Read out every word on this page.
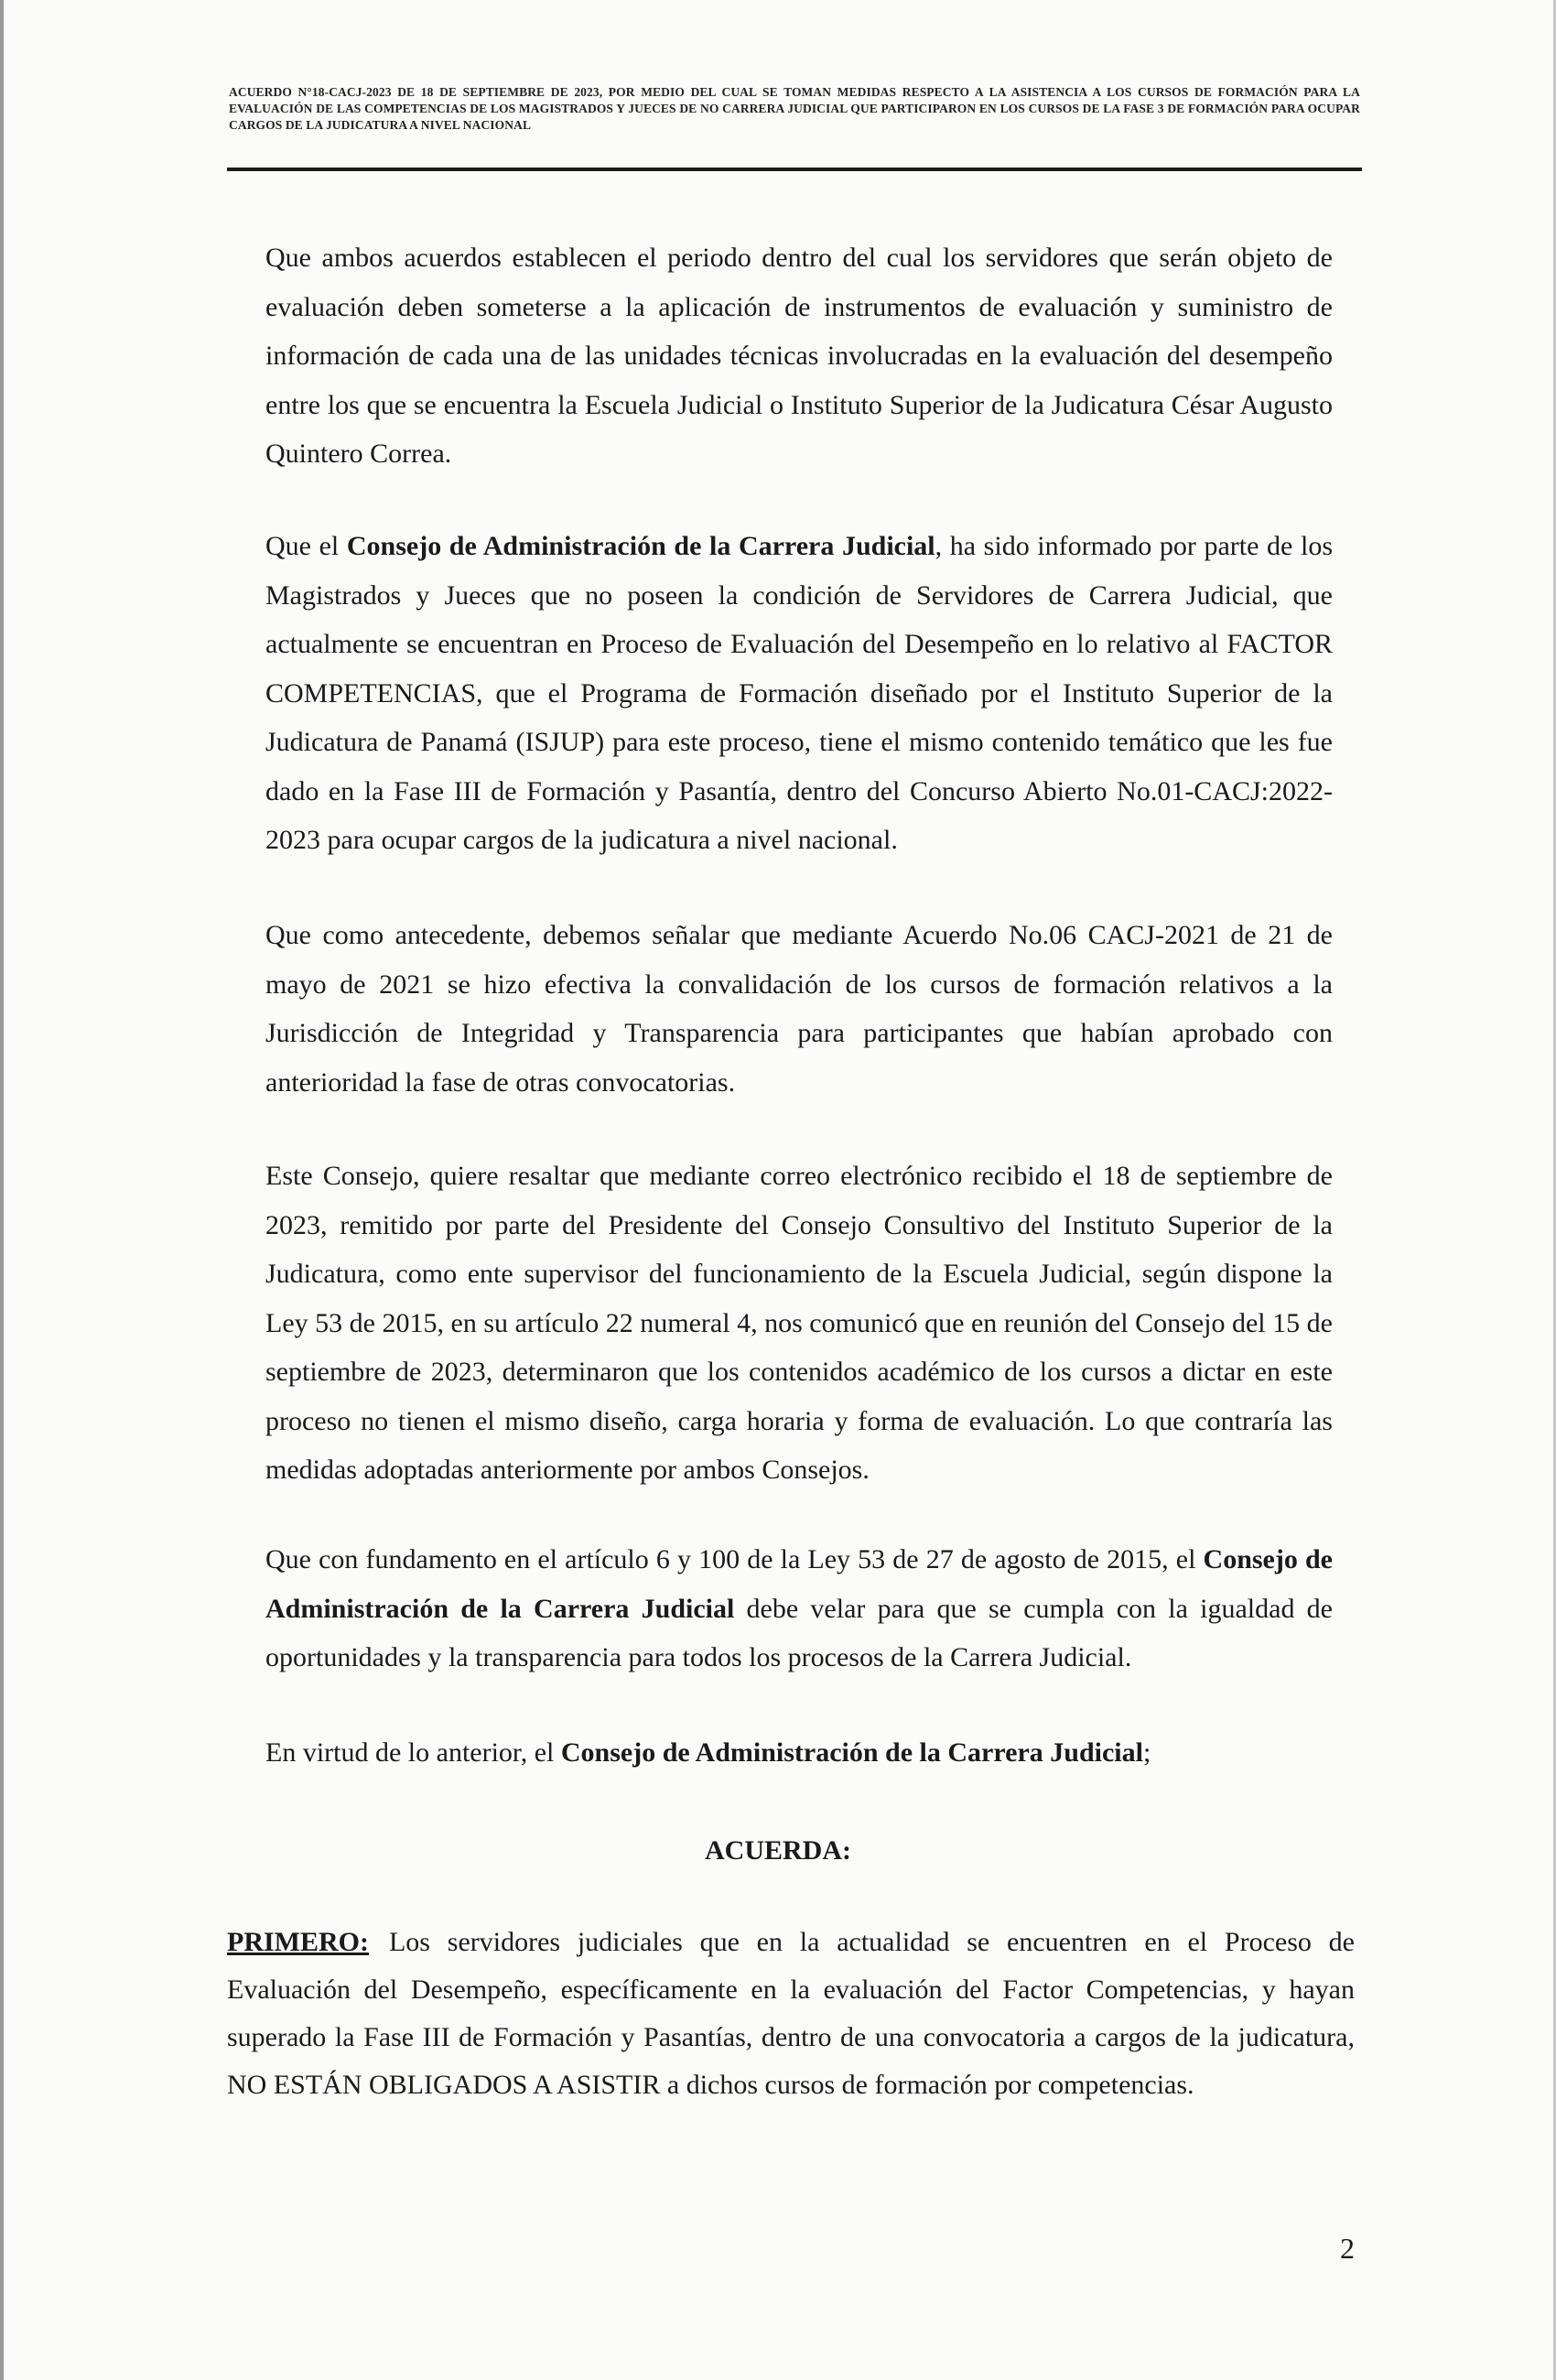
ACUERDO N°18-CACJ-2023 DE 18 DE SEPTIEMBRE DE 2023, POR MEDIO DEL CUAL SE TOMAN MEDIDAS RESPECTO A LA ASISTENCIA A LOS CURSOS DE FORMACIÓN PARA LA EVALUACIÓN DE LAS COMPETENCIAS DE LOS MAGISTRADOS Y JUECES DE NO CARRERA JUDICIAL QUE PARTICIPARON EN LOS CURSOS DE LA FASE 3 DE FORMACIÓN PARA OCUPAR CARGOS DE LA JUDICATURA A NIVEL NACIONAL
Que ambos acuerdos establecen el periodo dentro del cual los servidores que serán objeto de evaluación deben someterse a la aplicación de instrumentos de evaluación y suministro de información de cada una de las unidades técnicas involucradas en la evaluación del desempeño entre los que se encuentra la Escuela Judicial o Instituto Superior de la Judicatura César Augusto Quintero Correa.
Que el Consejo de Administración de la Carrera Judicial, ha sido informado por parte de los Magistrados y Jueces que no poseen la condición de Servidores de Carrera Judicial, que actualmente se encuentran en Proceso de Evaluación del Desempeño en lo relativo al FACTOR COMPETENCIAS, que el Programa de Formación diseñado por el Instituto Superior de la Judicatura de Panamá (ISJUP) para este proceso, tiene el mismo contenido temático que les fue dado en la Fase III de Formación y Pasantía, dentro del Concurso Abierto No.01-CACJ:2022-2023 para ocupar cargos de la judicatura a nivel nacional.
Que como antecedente, debemos señalar que mediante Acuerdo No.06 CACJ-2021 de 21 de mayo de 2021 se hizo efectiva la convalidación de los cursos de formación relativos a la Jurisdicción de Integridad y Transparencia para participantes que habían aprobado con anterioridad la fase de otras convocatorias.
Este Consejo, quiere resaltar que mediante correo electrónico recibido el 18 de septiembre de 2023, remitido por parte del Presidente del Consejo Consultivo del Instituto Superior de la Judicatura, como ente supervisor del funcionamiento de la Escuela Judicial, según dispone la Ley 53 de 2015, en su artículo 22 numeral 4, nos comunicó que en reunión del Consejo del 15 de septiembre de 2023, determinaron que los contenidos académico de los cursos a dictar en este proceso no tienen el mismo diseño, carga horaria y forma de evaluación. Lo que contraría las medidas adoptadas anteriormente por ambos Consejos.
Que con fundamento en el artículo 6 y 100 de la Ley 53 de 27 de agosto de 2015, el Consejo de Administración de la Carrera Judicial debe velar para que se cumpla con la igualdad de oportunidades y la transparencia para todos los procesos de la Carrera Judicial.
En virtud de lo anterior, el Consejo de Administración de la Carrera Judicial;
ACUERDA:
PRIMERO: Los servidores judiciales que en la actualidad se encuentren en el Proceso de Evaluación del Desempeño, específicamente en la evaluación del Factor Competencias, y hayan superado la Fase III de Formación y Pasantías, dentro de una convocatoria a cargos de la judicatura, NO ESTÁN OBLIGADOS A ASISTIR a dichos cursos de formación por competencias.
2
